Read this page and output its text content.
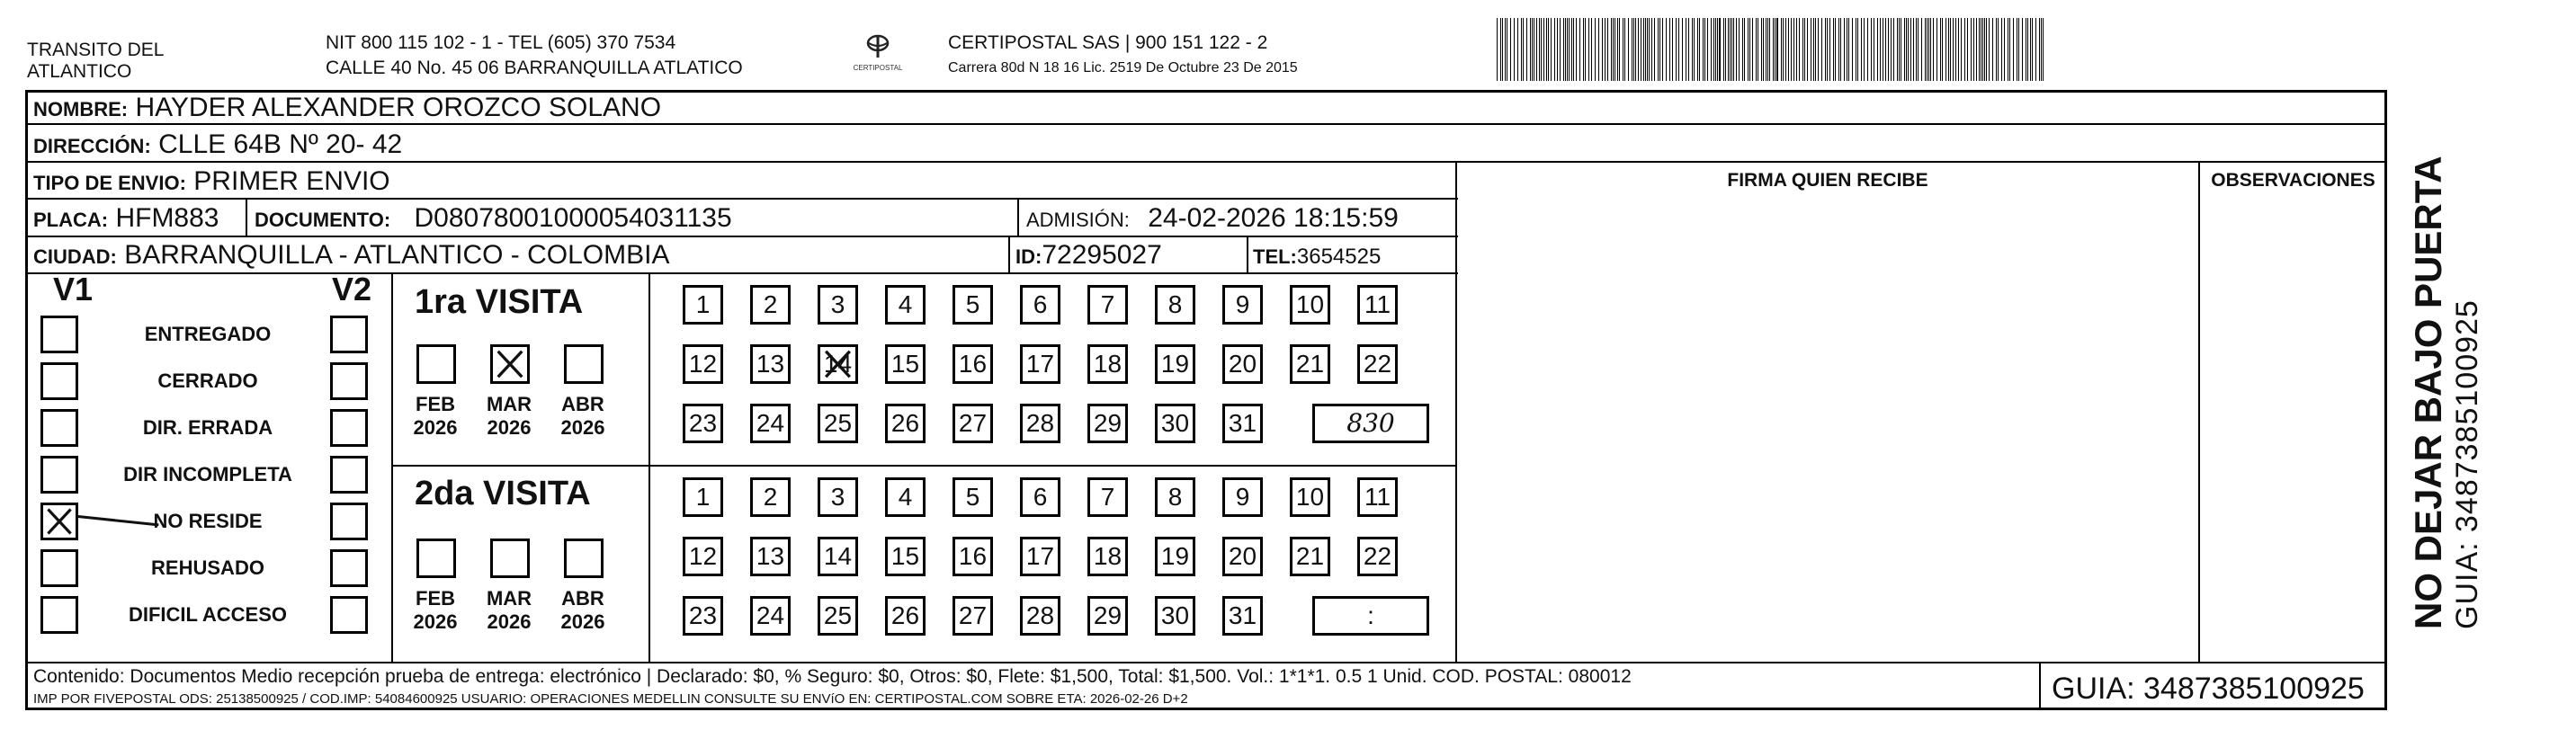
TRANSITO DEL
ATLANTICO
NIT 800 115 102 - 1 - TEL (605) 370 7534
CALLE 40 No. 45 06 BARRANQUILLA ATLATICO	CERTIPOSTAL
CERTIPOSTAL SAS | 900 151 122 - 2
Carrera 80d N 18 16 Lic. 2519 De Octubre 23 De 2015
NOMBRE: HAYDER ALEXANDER OROZCO SOLANO
DIRECCIÓN: CLLE 64B Nº 20- 42
TIPO DE ENVIO: PRIMER ENVIO	FIRMA QUIEN RECIBE	OBSERVACIONES
PLACA: HFM883 DOCUMENTO: D08078001000054031135	ADMISIÓN: 24-02-2026 18:15:59
CIUDAD: BARRANQUILLA - ATLANTICO - COLOMBIA	ID:72295027	TEL:3654525
V1	V2
ENTREGADO
CERRADO
DIR. ERRADA
DIR INCOMPLETA
NO RESIDE
REHUSADO
DIFICIL ACCESO
1ra VISITA
2da VISITA
FEB
2026
MAR
2026
ABR
2026
FEB
2026
MAR
2026
ABR
2026
1	2	3	4	5	6	7	8	9	10 11
12 13 14 15 16 17 18 19 20 21 22
23 24 25 26 27 28 29 30 31	830
1	2	3	4	5	6	7	8	9	10 11
12 13 14 15 16 17 18 19 20 21 22
23 24 25 26 27 28 29 30 31	:
Contenido: Documentos Medio recepción prueba de entrega: electrónico | Declarado: $0, % Seguro: $0, Otros: $0, Flete: $1,500, Total: $1,500. Vol.: 1*1*1. 0.5 1 Unid. COD. POSTAL: 080012
IMP POR FIVEPOSTAL ODS: 25138500925 / COD.IMP: 54084600925 USUARIO: OPERACIONES MEDELLIN CONSULTE SU ENVíO EN: CERTIPOSTAL.COM SOBRE ETA: 2026-02-26 D+2	GUIA: 3487385100925
NO DEJAR BAJO PUERTA GUIA: 3487385100925
